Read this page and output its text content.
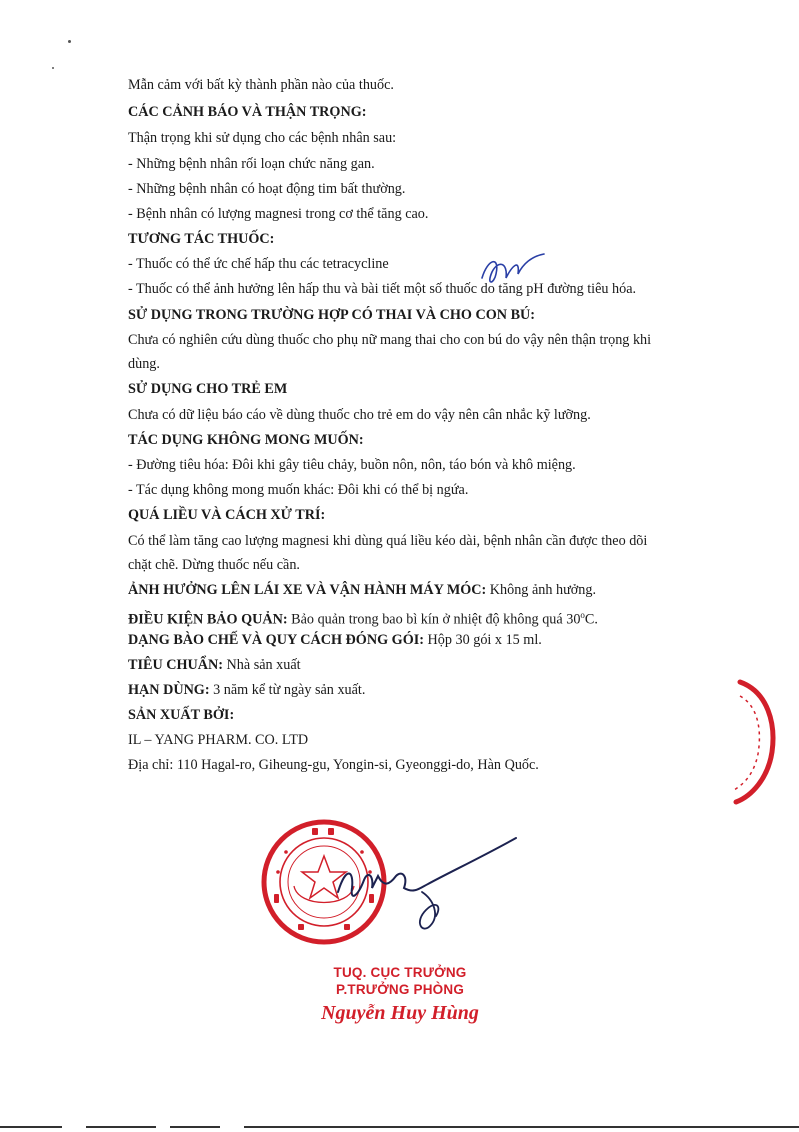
Mẫn cảm với bất kỳ thành phần nào của thuốc.
CÁC CẢNH BÁO VÀ THẬN TRỌNG:
Thận trọng khi sử dụng cho các bệnh nhân sau:
- Những bệnh nhân rối loạn chức năng gan.
- Những bệnh nhân có hoạt động tim bất thường.
- Bệnh nhân có lượng magnesi trong cơ thể tăng cao.
TƯƠNG TÁC THUỐC:
- Thuốc có thể ức chế hấp thu các tetracycline
- Thuốc có thể ảnh hưởng lên hấp thu và bài tiết một số thuốc do tăng pH đường tiêu hóa.
SỬ DỤNG TRONG TRƯỜNG HỢP CÓ THAI VÀ CHO CON BÚ:
Chưa có nghiên cứu dùng thuốc cho phụ nữ mang thai cho con bú do vậy nên thận trọng khi
dùng.
SỬ DỤNG CHO TRẺ EM
Chưa có dữ liệu báo cáo về dùng thuốc cho trẻ em do vậy nên cân nhắc kỹ lưỡng.
TÁC DỤNG KHÔNG MONG MUỐN:
- Đường tiêu hóa: Đôi khi gây tiêu chảy, buồn nôn, nôn, táo bón và khô miệng.
- Tác dụng không mong muốn khác: Đôi khi có thể bị ngứa.
QUÁ LIỀU VÀ CÁCH XỬ TRÍ:
Có thể làm tăng cao lượng magnesi khi dùng quá liều kéo dài, bệnh nhân cần được theo dõi
chặt chẽ. Dừng thuốc nếu cần.
ẢNH HƯỞNG LÊN LÁI XE VÀ VẬN HÀNH MÁY MÓC: Không ảnh hưởng.
ĐIỀU KIỆN BẢO QUẢN: Bảo quản trong bao bì kín ở nhiệt độ không quá 30$^o$C.
DẠNG BÀO CHẾ VÀ QUY CÁCH ĐÓNG GÓI: Hộp 30 gói x 15 ml.
TIÊU CHUẨN: Nhà sản xuất
HẠN DÙNG: 3 năm kể từ ngày sản xuất.
SẢN XUẤT BỞI:
IL – YANG PHARM. CO. LTD
Địa chỉ: 110 Hagal-ro, Giheung-gu, Yongin-si, Gyeonggi-do, Hàn Quốc.
TUQ. CỤC TRƯỞNG
P.TRƯỞNG PHÒNG
Nguyễn Huy Hùng
